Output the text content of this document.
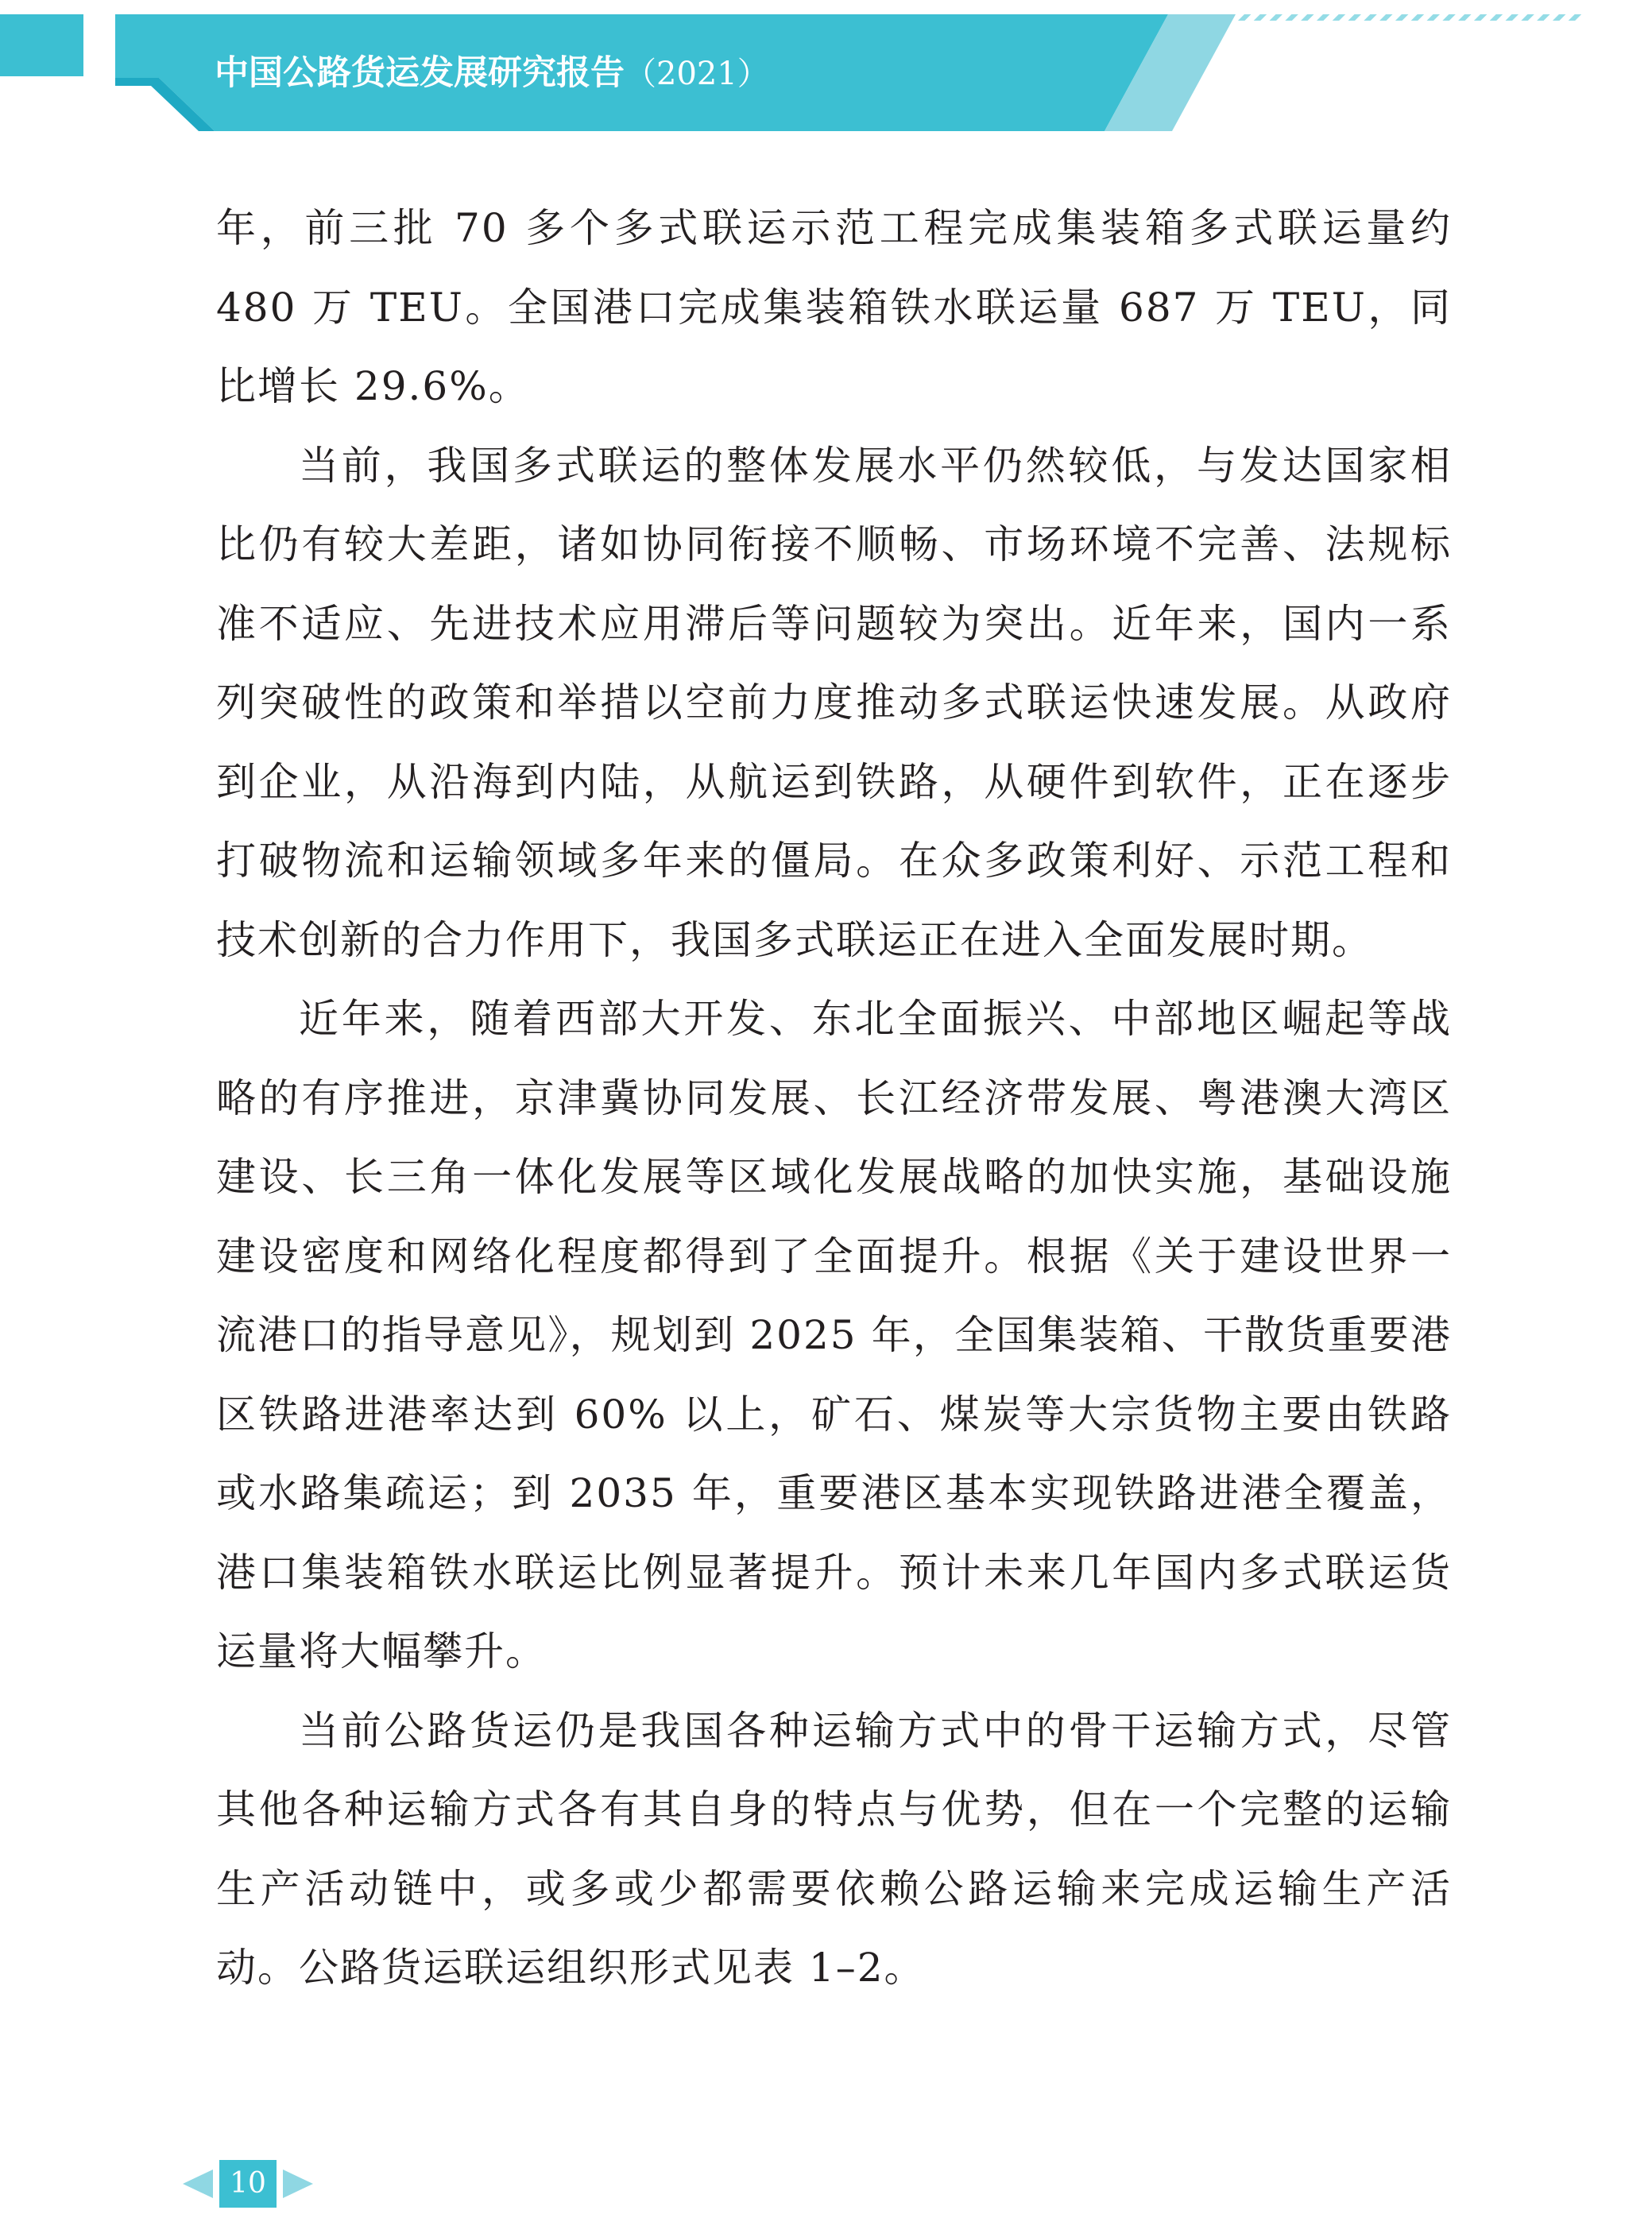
中国公路货运发展研究报告（2021）

年，前三批 70 多个多式联运示范工程完成集装箱多式联运量约 480 万 TEU。全国港口完成集装箱铁水联运量 687 万 TEU，同比增长 29.6%。

当前，我国多式联运的整体发展水平仍然较低，与发达国家相比仍有较大差距，诸如协同衔接不顺畅、市场环境不完善、法规标准不适应、先进技术应用滞后等问题较为突出。近年来，国内一系列突破性的政策和举措以空前力度推动多式联运快速发展。从政府到企业，从沿海到内陆，从航运到铁路，从硬件到软件，正在逐步打破物流和运输领域多年来的僵局。在众多政策利好、示范工程和技术创新的合力作用下，我国多式联运正在进入全面发展时期。

近年来，随着西部大开发、东北全面振兴、中部地区崛起等战略的有序推进，京津冀协同发展、长江经济带发展、粤港澳大湾区建设、长三角一体化发展等区域化发展战略的加快实施，基础设施建设密度和网络化程度都得到了全面提升。根据《关于建设世界一流港口的指导意见》，规划到 2025 年，全国集装箱、干散货重要港区铁路进港率达到 60% 以上，矿石、煤炭等大宗货物主要由铁路或水路集疏运；到 2035 年，重要港区基本实现铁路进港全覆盖，港口集装箱铁水联运比例显著提升。预计未来几年国内多式联运货运量将大幅攀升。

当前公路货运仍是我国各种运输方式中的骨干运输方式，尽管其他各种运输方式各有其自身的特点与优势，但在一个完整的运输生产活动链中，或多或少都需要依赖公路运输来完成运输生产活动。公路货运联运组织形式见表 1–2。

10
